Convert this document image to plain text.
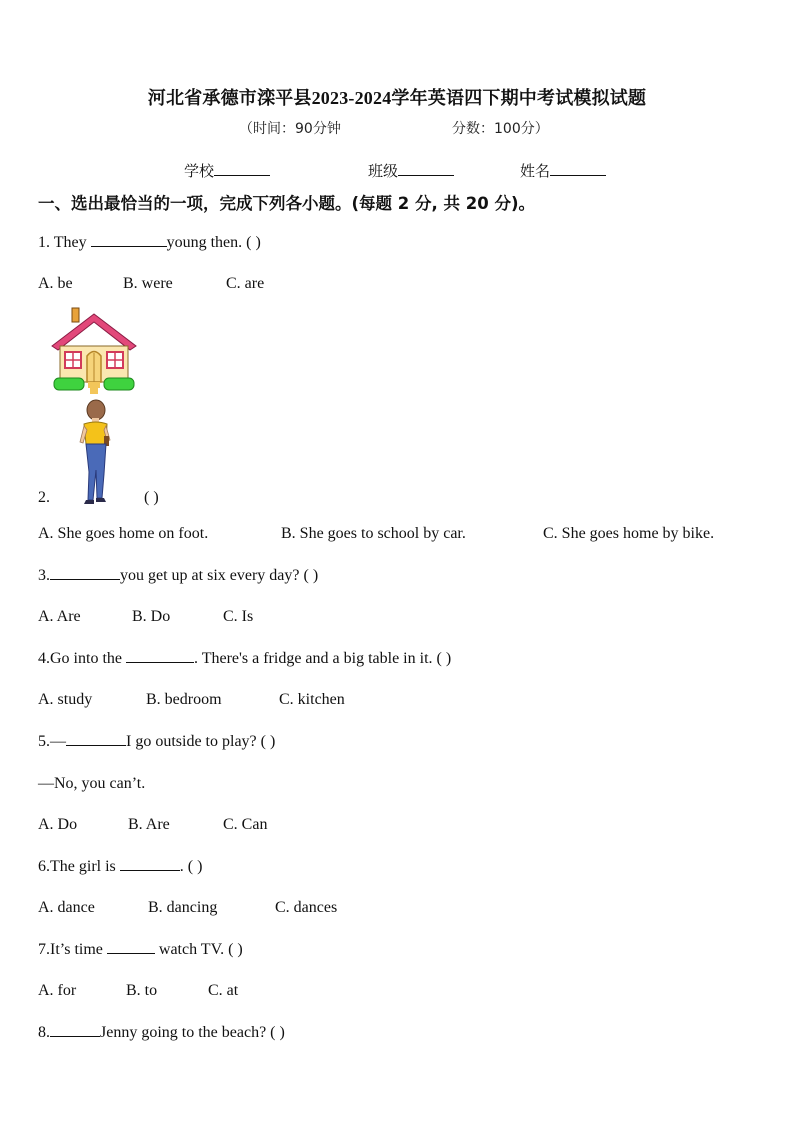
河北省承德市滦平县2023-2024学年英语四下期中考试模拟试题
（时间：90分钟	分数：100分）
学校	班级	姓名
一、选出最恰当的一项，完成下列各小题。(每题 2 分, 共 20 分)。
1. They	young then. ( )
A. be	B. were	C. are
2.	( )
A. She goes home on foot.	B. She goes to school by car.	C. She goes home by bike.
3.	you get up at six every day? ( )
A. Are	B. Do	C. Is
4.Go into the	. There's a fridge and a big table in it. ( )
A. study	B. bedroom	C. kitchen
5.—	I go outside to play? ( )
—No, you can’t.
A. Do	B. Are	C. Can
6.The girl is	. ( )
A. dance	B. dancing	C. dances
7.It’s time	watch TV. ( )
A. for	B. to	C. at
8.	Jenny going to the beach? ( )
